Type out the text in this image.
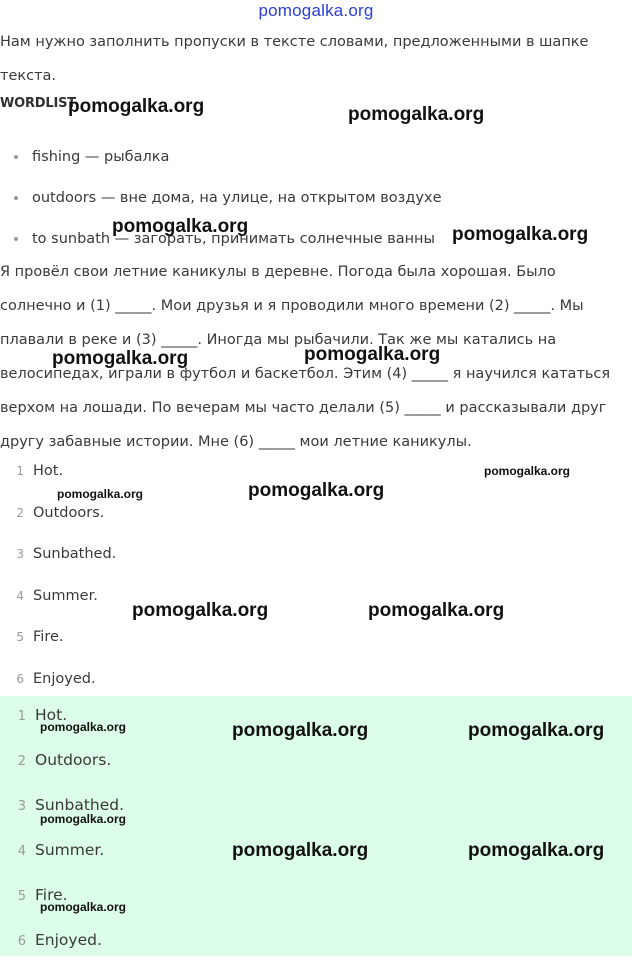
pomogalka.org
Нам нужно заполнить пропуски в тексте словами, предложенными в шапке
текста.
WORDLIST
fishing — рыбалка
outdoors — вне дома, на улице, на открытом воздухе
to sunbath — загорать, принимать солнечные ванны
Я провёл свои летние каникулы в деревне. Погода была хорошая. Было
солнечно и (1) _____. Мои друзья и я проводили много времени (2) _____. Мы
плавали в реке и (3) _____. Иногда мы рыбачили. Так же мы катались на
велосипедах, играли в футбол и баскетбол. Этим (4) _____ я научился кататься
верхом на лошади. По вечерам мы часто делали (5) _____ и рассказывали друг
другу забавные истории. Мне (6) _____ мои летние каникулы.
1 Hot.
2 Outdoors.
3 Sunbathed.
4 Summer.
5 Fire.
6 Enjoyed.
1 Hot.
2 Outdoors.
3 Sunbathed.
4 Summer.
5 Fire.
6 Enjoyed.
pomogalka.org	pomogalka.org
pomogalka.org	pomogalka.org
pomogalka.org	pomogalka.org
pomogalka.org
pomogalka.org	pomogalka.org
pomogalka.org	pomogalka.org
pomogalka.org	pomogalka.org	pomogalka.org
pomogalka.org
pomogalka.org	pomogalka.org
pomogalka.org
